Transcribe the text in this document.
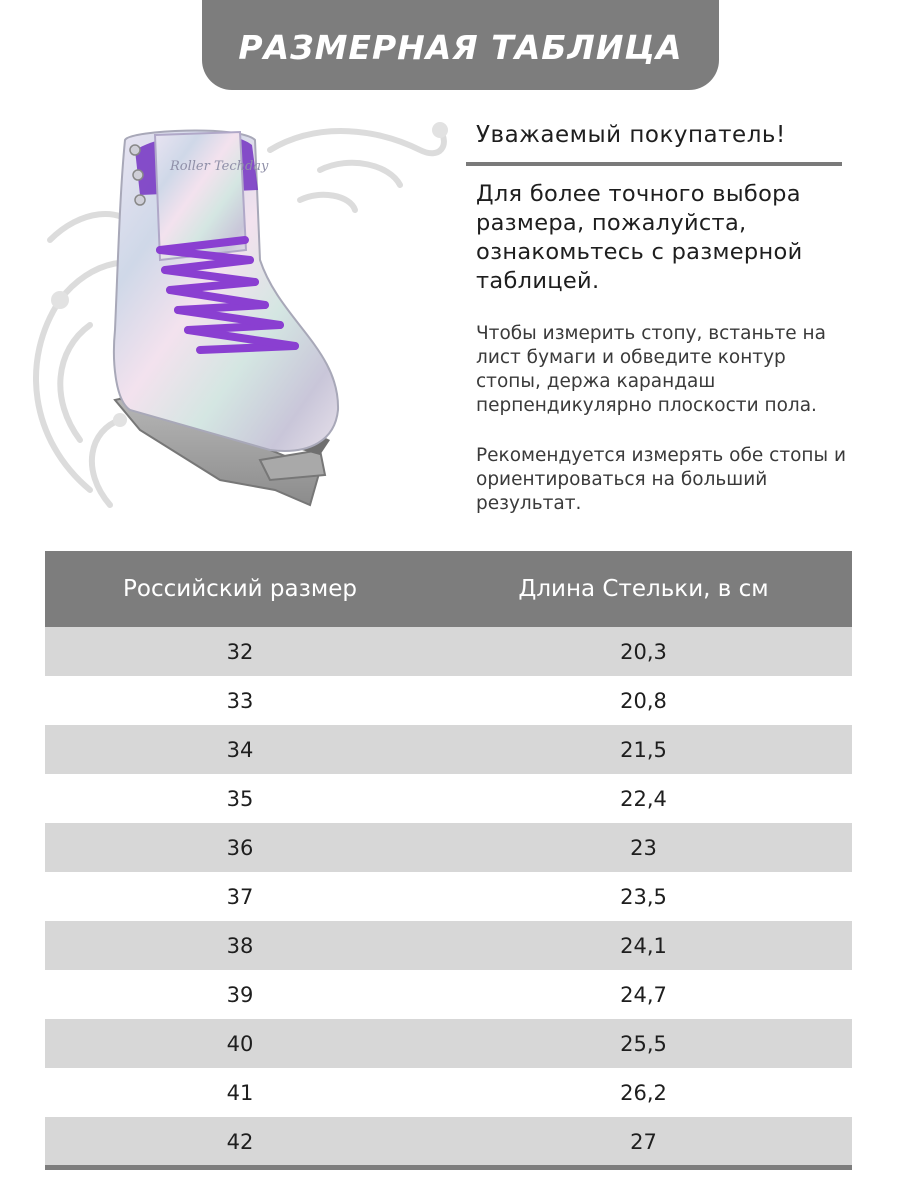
РАЗМЕРНАЯ ТАБЛИЦА
Roller Techday
Уважаемый покупатель!
Для более точного выбора размера, пожалуйста, ознакомьтесь с размерной таблицей.
Чтобы измерить стопу, встаньте на лист бумаги и обведите контур стопы, держа карандаш перпендикулярно плоскости пола.
Рекомендуется измерять обе стопы и ориентироваться на больший результат.
Российский размер	Длина Стельки, в см
32	20,3
33	20,8
34	21,5
35	22,4
36	23
37	23,5
38	24,1
39	24,7
40	25,5
41	26,2
42	27
